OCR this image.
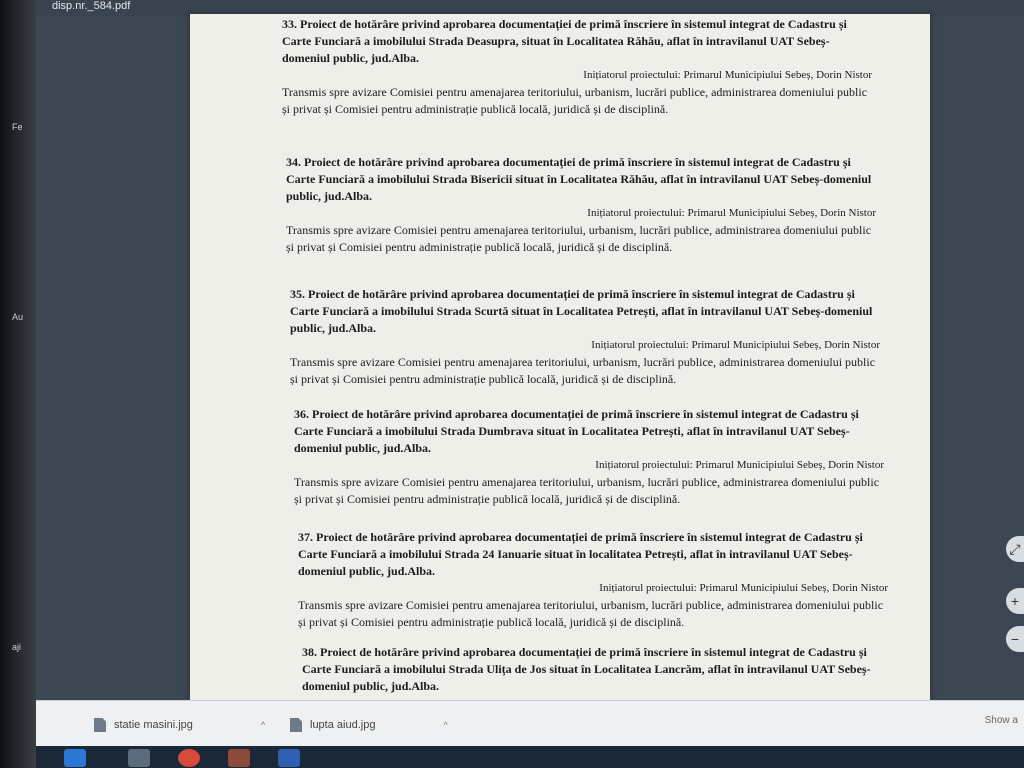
Fe
Au
aji
disp.nr._584.pdf
33. Proiect de hotărâre privind aprobarea documentației de primă înscriere în sistemul integrat de Cadastru și Carte Funciară a imobilului Strada Deasupra, situat în Localitatea Răhău, aflat în intravilanul UAT Sebeș-domeniul public, jud.Alba.
Inițiatorul proiectului: Primarul Municipiului Sebeș, Dorin Nistor
Transmis spre avizare Comisiei pentru amenajarea teritoriului, urbanism, lucrări publice, administrarea domeniului public și privat și Comisiei pentru administrație publică locală, juridică și de disciplină.
34. Proiect de hotărâre privind aprobarea documentației de primă înscriere în sistemul integrat de Cadastru și Carte Funciară a imobilului Strada Bisericii situat în Localitatea Răhău, aflat în intravilanul UAT Sebeș-domeniul public, jud.Alba.
Inițiatorul proiectului: Primarul Municipiului Sebeș, Dorin Nistor
Transmis spre avizare Comisiei pentru amenajarea teritoriului, urbanism, lucrări publice, administrarea domeniului public și privat și Comisiei pentru administrație publică locală, juridică și de disciplină.
35. Proiect de hotărâre privind aprobarea documentației de primă înscriere în sistemul integrat de Cadastru și Carte Funciară a imobilului Strada Scurtă situat în Localitatea Petrești, aflat în intravilanul UAT Sebeș-domeniul public, jud.Alba.
Inițiatorul proiectului: Primarul Municipiului Sebeș, Dorin Nistor
Transmis spre avizare Comisiei pentru amenajarea teritoriului, urbanism, lucrări publice, administrarea domeniului public și privat și Comisiei pentru administrație publică locală, juridică și de disciplină.
36. Proiect de hotărâre privind aprobarea documentației de primă înscriere în sistemul integrat de Cadastru și Carte Funciară a imobilului Strada Dumbrava situat în Localitatea Petrești, aflat în intravilanul UAT Sebeș-domeniul public, jud.Alba.
Inițiatorul proiectului: Primarul Municipiului Sebeș, Dorin Nistor
Transmis spre avizare Comisiei pentru amenajarea teritoriului, urbanism, lucrări publice, administrarea domeniului public și privat și Comisiei pentru administrație publică locală, juridică și de disciplină.
37. Proiect de hotărâre privind aprobarea documentației de primă înscriere în sistemul integrat de Cadastru și Carte Funciară a imobilului Strada 24 Ianuarie situat în localitatea Petrești, aflat în intravilanul UAT Sebeș-domeniul public, jud.Alba.
Inițiatorul proiectului: Primarul Municipiului Sebeș, Dorin Nistor
Transmis spre avizare Comisiei pentru amenajarea teritoriului, urbanism, lucrări publice, administrarea domeniului public și privat și Comisiei pentru administrație publică locală, juridică și de disciplină.
38. Proiect de hotărâre privind aprobarea documentației de primă înscriere în sistemul integrat de Cadastru și Carte Funciară a imobilului Strada Ulița de Jos situat în Localitatea Lancrăm, aflat în intravilanul UAT Sebeș-domeniul public, jud.Alba.
⤢
+
−
statie masini.jpg	^	lupta aiud.jpg	^	Show a
